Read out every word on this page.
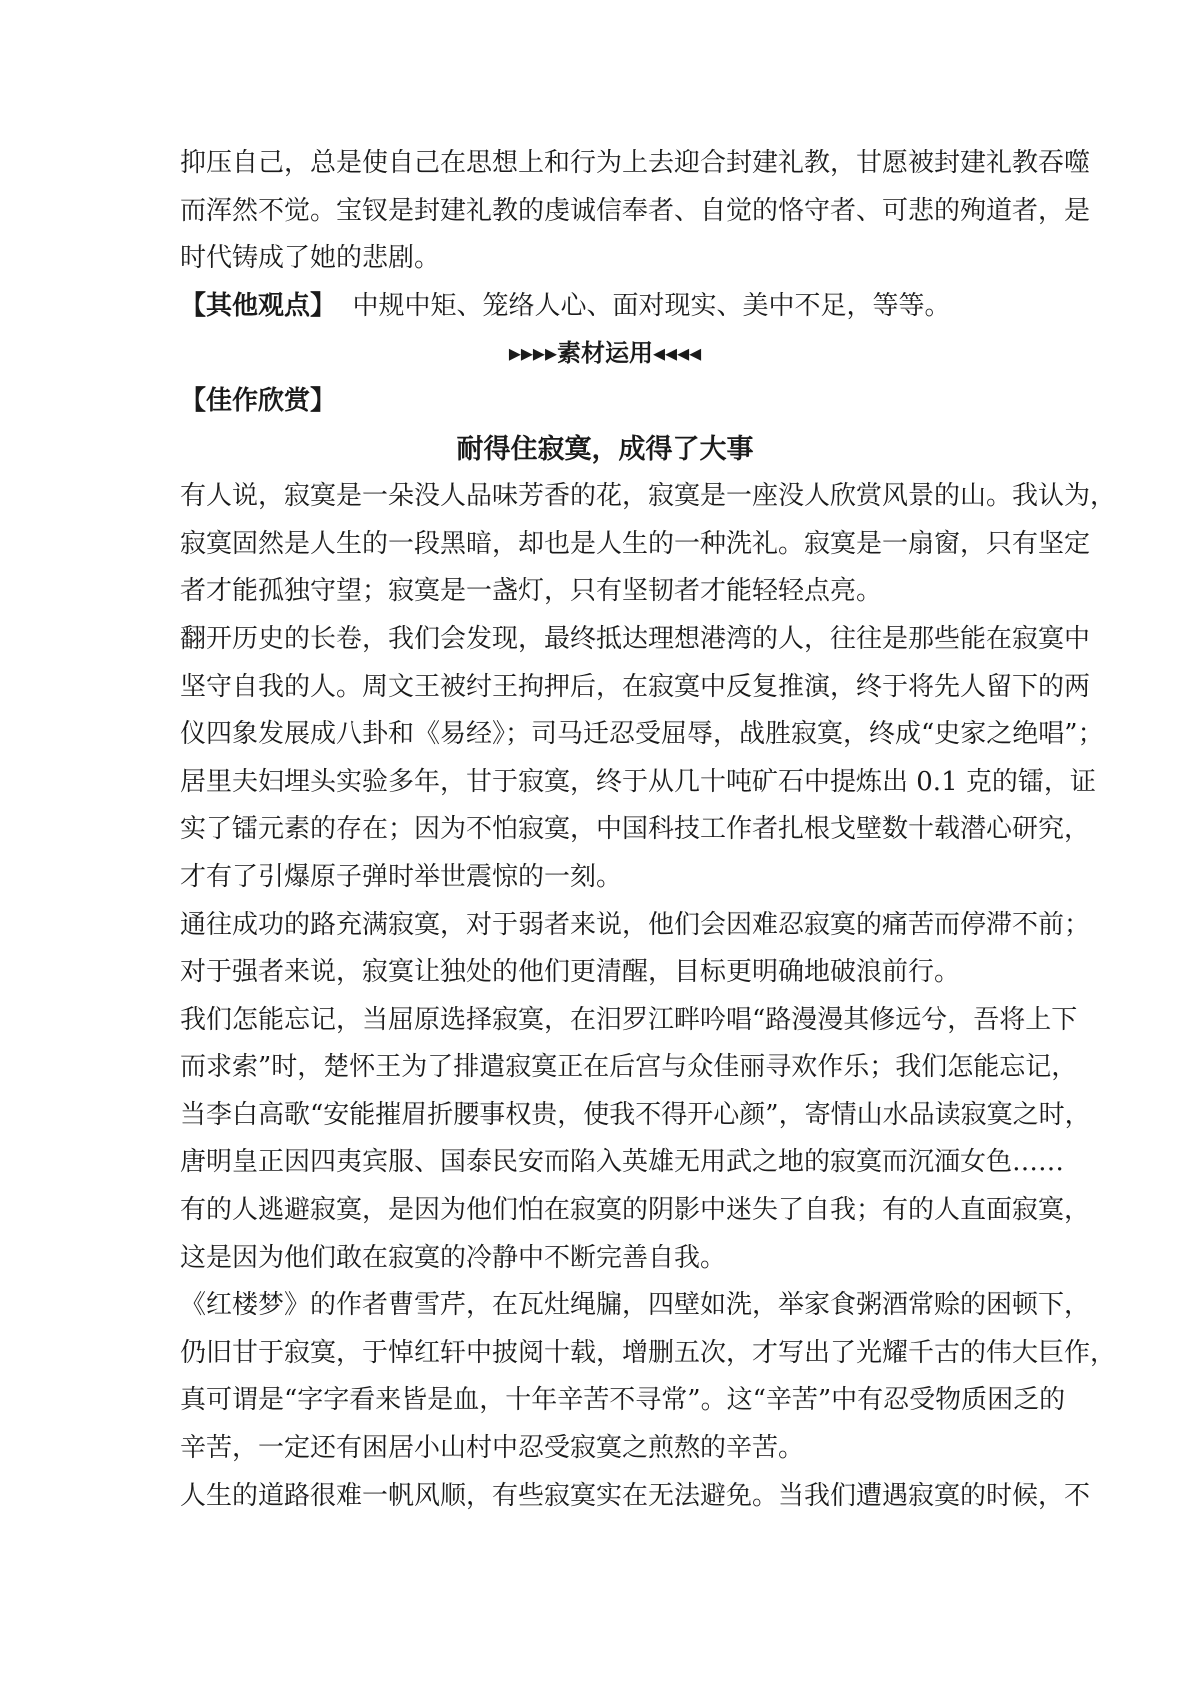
抑压自己，总是使自己在思想上和行为上去迎合封建礼教，甘愿被封建礼教吞噬

而浑然不觉。宝钗是封建礼教的虔诚信奉者、自觉的恪守者、可悲的殉道者，是

时代铸成了她的悲剧。

【其他观点】 中规中矩、笼络人心、面对现实、美中不足，等等。

▸▸▸▸素材运用◂◂◂◂

【佳作欣赏】

耐得住寂寞，成得了大事

有人说，寂寞是一朵没人品味芳香的花，寂寞是一座没人欣赏风景的山。我认为，

寂寞固然是人生的一段黑暗，却也是人生的一种洗礼。寂寞是一扇窗，只有坚定

者才能孤独守望；寂寞是一盏灯，只有坚韧者才能轻轻点亮。

翻开历史的长卷，我们会发现，最终抵达理想港湾的人，往往是那些能在寂寞中

坚守自我的人。周文王被纣王拘押后，在寂寞中反复推演，终于将先人留下的两

仪四象发展成八卦和《易经》；司马迁忍受屈辱，战胜寂寞，终成“史家之绝唱”；

居里夫妇埋头实验多年，甘于寂寞，终于从几十吨矿石中提炼出 0.1 克的镭，证

实了镭元素的存在；因为不怕寂寞，中国科技工作者扎根戈壁数十载潜心研究，

才有了引爆原子弹时举世震惊的一刻。

通往成功的路充满寂寞，对于弱者来说，他们会因难忍寂寞的痛苦而停滞不前；

对于强者来说，寂寞让独处的他们更清醒，目标更明确地破浪前行。

我们怎能忘记，当屈原选择寂寞，在汨罗江畔吟唱“路漫漫其修远兮，吾将上下

而求索”时，楚怀王为了排遣寂寞正在后宫与众佳丽寻欢作乐；我们怎能忘记，

当李白高歌“安能摧眉折腰事权贵，使我不得开心颜”，寄情山水品读寂寞之时，

唐明皇正因四夷宾服、国泰民安而陷入英雄无用武之地的寂寞而沉湎女色……

有的人逃避寂寞，是因为他们怕在寂寞的阴影中迷失了自我；有的人直面寂寞，

这是因为他们敢在寂寞的冷静中不断完善自我。

《红楼梦》的作者曹雪芹，在瓦灶绳牖，四壁如洗，举家食粥酒常赊的困顿下，

仍旧甘于寂寞，于悼红轩中披阅十载，增删五次，才写出了光耀千古的伟大巨作，

真可谓是“字字看来皆是血，十年辛苦不寻常”。这“辛苦”中有忍受物质困乏的

辛苦，一定还有困居小山村中忍受寂寞之煎熬的辛苦。

人生的道路很难一帆风顺，有些寂寞实在无法避免。当我们遭遇寂寞的时候，不
